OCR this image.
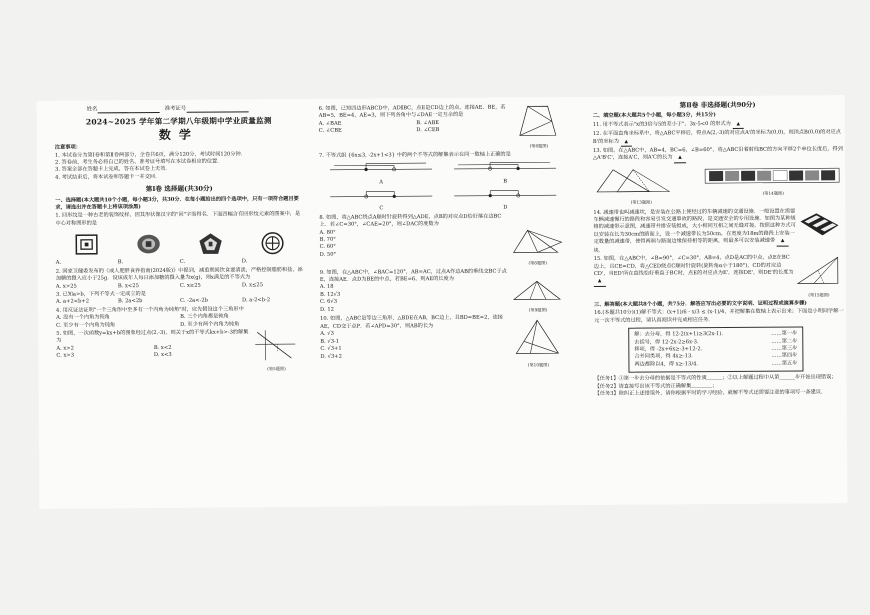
姓名	准考证号
2024~2025 学年第二学期八年级期中学业质量监测
数学
注意事项：
1. 本试卷分为第Ⅰ卷和第Ⅱ卷两部分，全卷共6页，满分120分，考试时间120分钟．
2. 答卷前，考生务必将自己的姓名、准考证号填写在本试卷相应的位置．
3. 答案全部在答题卡上完成，答在本试卷上无效．
4. 考试结束后，将本试卷和答题卡一并交回．
第Ⅰ卷 选择题(共30分)
一、选择题(本大题共10个小题，每小题3分，共30分．在每小题给出的四个选项中，只有一项符合题目要求，请选出并在答题卡上将该项涂黑)
1. 回形纹是一种古老的装饰纹样，因其形状像汉字的"回"字而得名．下面四幅含有回形纹元素的图案中，是中心对称图形的是
A.	B.	C.	D.
2. 国家卫健委发布的《成人肥胖食养指南(2024版)》中提到，减重期间饮食要清淡，严格控制脂肪和盐，添加糖的摄入应小于25g．设该成年人每日添加糖的摄入量为x(g)，则x满足的不等式为
A. x>25	B. x<25	C. x≥25	D. x≤25
3. 已知a>b，下列不等式一定成立的是
A. a+2<b+2	B. 2a<2b	C. -2a<-2b	D. a-2<b-2
4. 用反证法证明"一个三角形中至多有一个内角为钝角"时，应先假设这个三角形中
A. 没有一个内角为钝角	B. 三个内角都是钝角
C. 至少有一个内角为钝角	D. 至少有两个内角为钝角
5. 如图，一次函数y=kx+b的图象经过点(2,-3)，则关于x的不等式kx+b>-3的解集为
A. x>2	B. x<2
C. x>3	D. x<3
(第5题图)
6. 如图，已知四边形ABCD中，AD∥BC，点E是CD边上的点，连接AE、BE，若AB=5，BE=4，AE=3，则下列各角中与∠DAE一定互余的是
A. ∠BAE	B. ∠ABE
C. ∠CBE	D. ∠CEB
(第6题图)
7. 不等式组 {6x≤3, -2x+1<3} 中的两个不等式的解集表示在同一数轴上正确的是
A	B
C	D
8. 如图，将△ABC绕点A顺时针旋转得到△ADE，点B的对应点D恰好落在边BC上．若∠C=30°，∠CAE=20°，则∠DAC的度数为
A. 80°
B. 70°
C. 60°
D. 50°
(第8题图)
9. 如图，在△ABC中，∠BAC=120°，AB=AC，过点A作边AB的垂线交BC于点E，连接AE．点D为BE的中点，若BE=6，则AE的长度为
A. 18
B. 12√3
C. 6√3
D. 12	(第9题图)
10. 如图，△ABC是等边三角形，△BDE在AB，BC边上，且BD=BE=2，连接AE，CD交于点P．若∠APD=30°，则AB的长为
A. √3
B. √3-1
C. √3+1
D. √3+2
(第10题图)
第Ⅱ卷 非选择题(共90分)
二、填空题(本大题共5个小题，每小题3分，共15分)
11. 用不等式表示"x的3倍与5的差小于"，3x-5<0 的形式为 ▲
12. 在平面直角坐标系中，将△ABC平移后，得点A(2,-3)的对应点A'的坐标为(0,0)，则顶点B(0,0)的对应点B'的坐标为 ▲
13. 如图，在△ABC中，AB=4，BC=6，∠B=60°，将△ABC沿着射线BC的方向平移2个单位长度后，得到△A'B'C'，连接A'C，则A'C的长为 ▲
(第13题图)
(第14题图)
14. 减速带也叫减速坎，是安装在公路上使经过的车辆减速的交通设施．一般设置在需要车辆减速慢行的路段和容易引发交通事故的路段，是交通安全的专用设施．如图为某种规格的减速带示意图，减速带并排安装组成，大小相同互相之间无缝对接，按照这种方式可以安装在长为30cm的路面上，设一个减速带长为50cm，在宽度为18m的路段上安装一定数量的减速带，使得两端与路面边缘保持相等的距离，则最多可以安装减速带 ▲块．
15. 如图，在△ABC中，∠B=90°，∠C=30°，AB=4，点D是AC的中点，点E在BC边上，且CE=CD，将△CED绕点C顺时针旋转(旋转角α小于180°)，CD的对应边CD'，当ED'所在直线恰好垂直于BC时，点E的对应点为E'，连接DE'，则DE'的长度为 ▲
(第15题图)
三、解答题(本大题共8个小题，共75分．解答应写出必要的文字说明、证明过程或演算步骤)
16.(本题共10分)(1)解不等式：(x+1)/6 - x/3 ≤ (x-1)/4，并把解集在数轴上表示出来；下面是小明同学解一元一次不等式的过程，请认真阅读并完成相应任务．
解：去分母，得 12-2(x+1)≥3(2x-1)．	……第一步
去括号，得 12-2x-2≥6x-3．	……第二步
移项，得 -2x+6x≥-3+12-2．	……第三步
合并同类项，得 4x≥-13．	……第四步
两边都除以4，得 x≥-13/4．	……第五步
【任务1】①第一步去分母的依据是不等式的性质＿＿＿；②以上解题过程中从第＿＿＿步开始出现错误；
【任务2】请直接写出该不等式的正确解集＿＿＿＿；
【任务3】除纠正上述错误外，请你根据平时的学习经验，就解不等式还需要注意的事项写一条建议．
